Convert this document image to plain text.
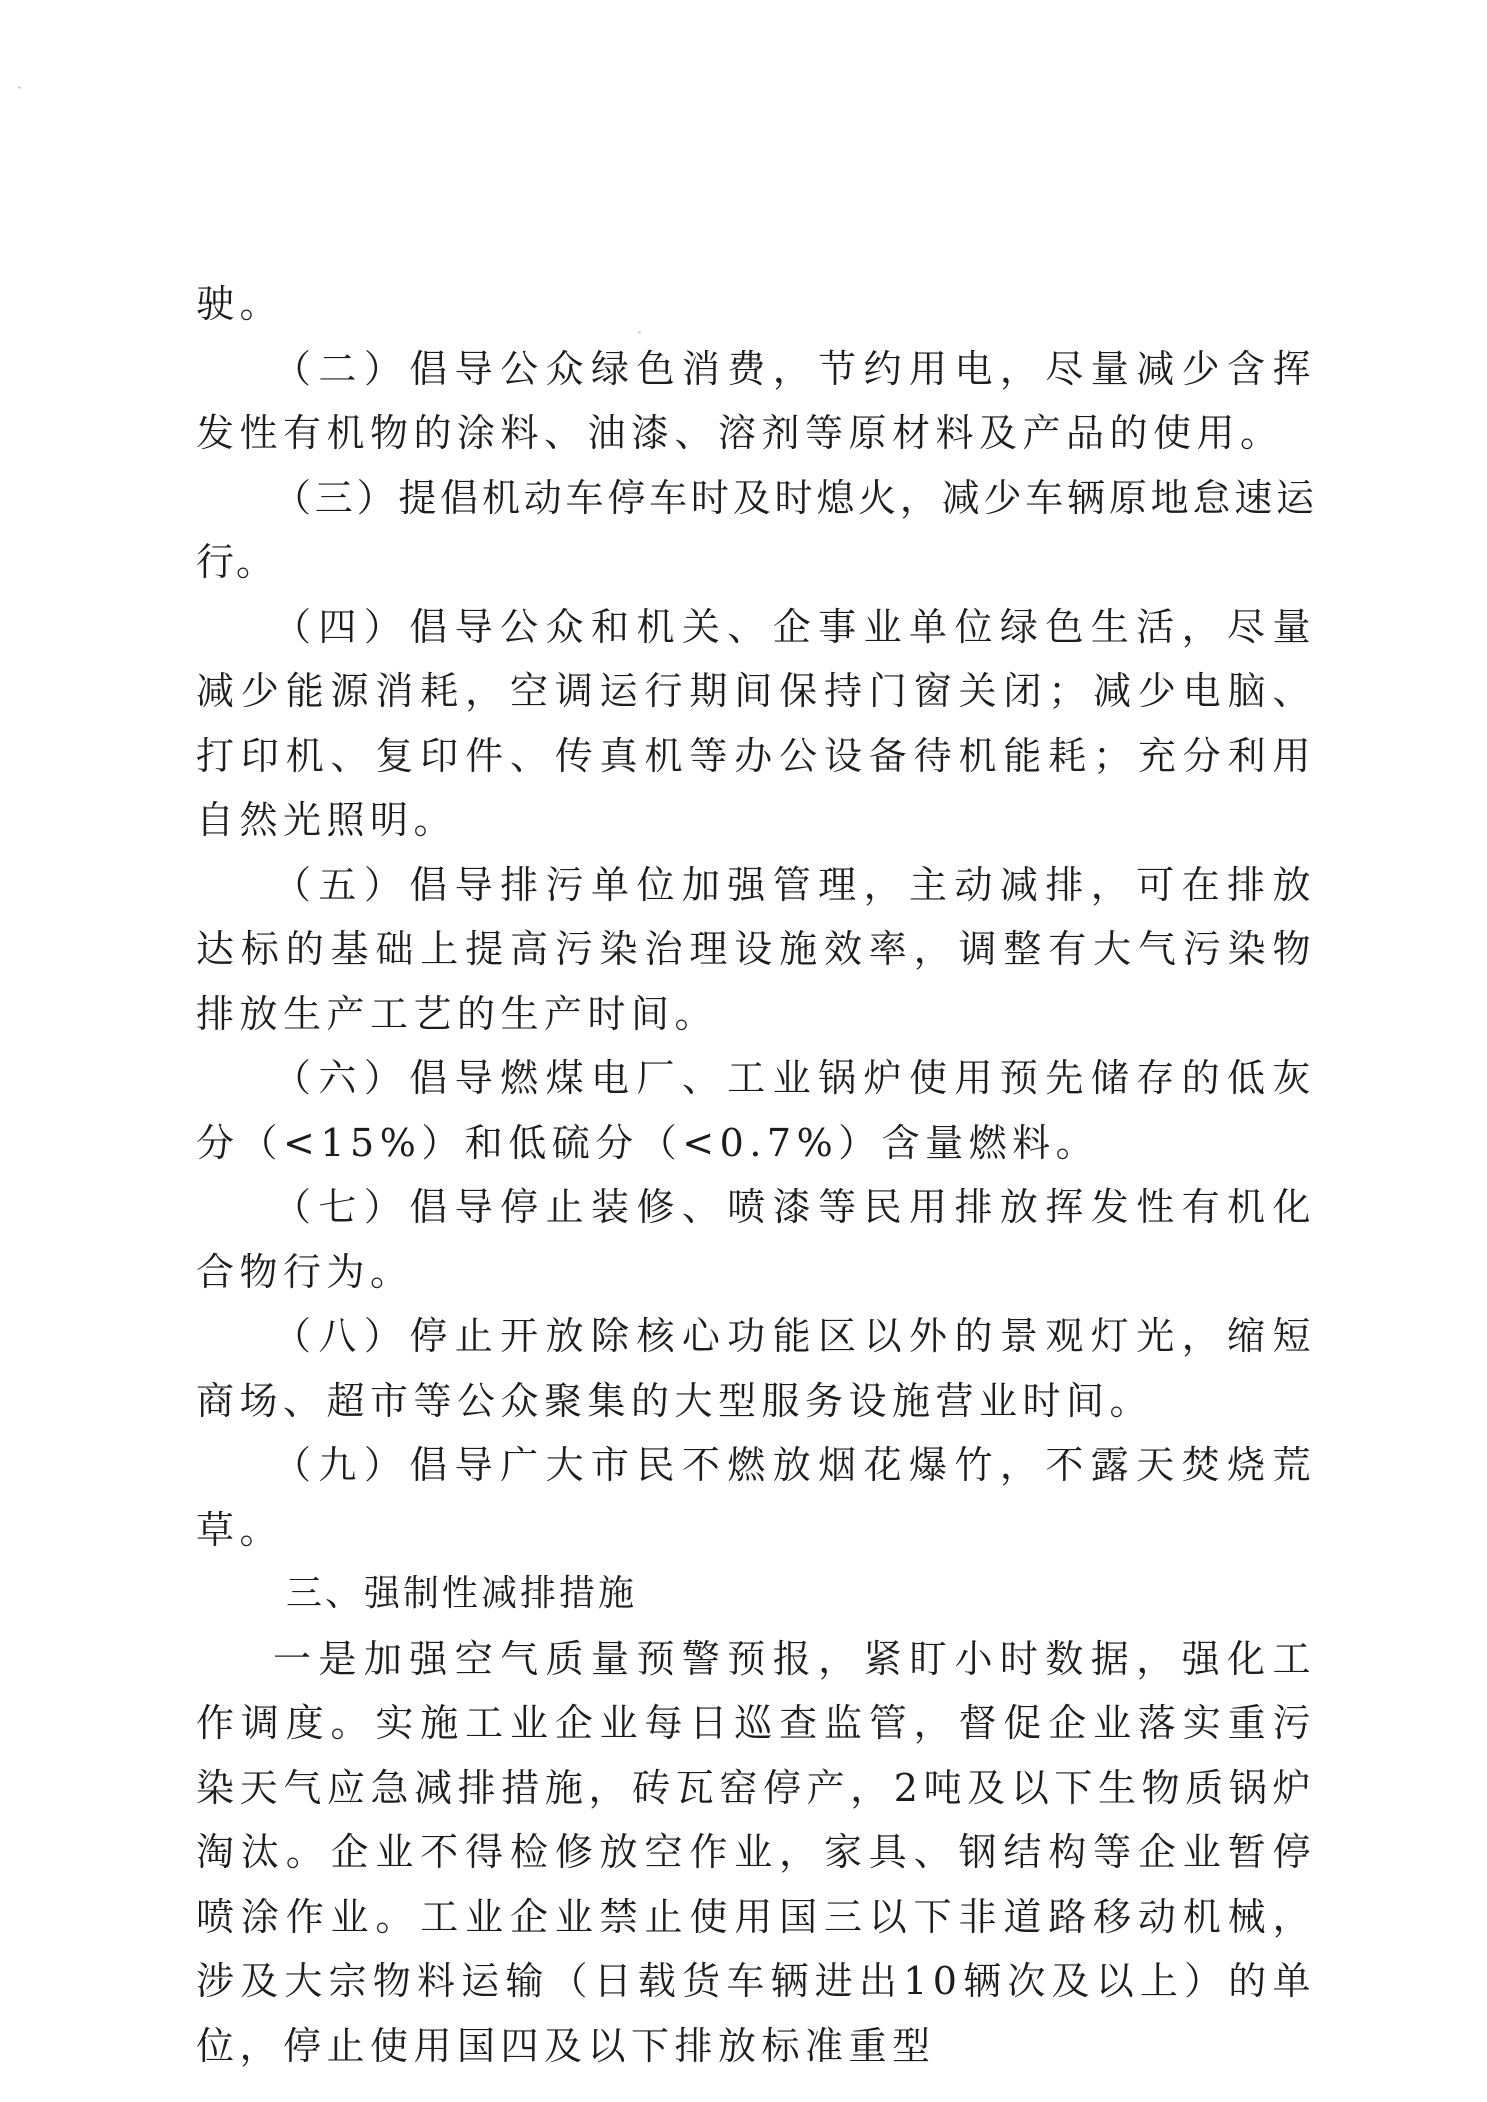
驶。

（二）倡导公众绿色消费，节约用电，尽量减少含挥发性有机物的涂料、油漆、溶剂等原材料及产品的使用。

（三）提倡机动车停车时及时熄火，减少车辆原地怠速运行。

（四）倡导公众和机关、企事业单位绿色生活，尽量减少能源消耗，空调运行期间保持门窗关闭；减少电脑、打印机、复印件、传真机等办公设备待机能耗；充分利用自然光照明。

（五）倡导排污单位加强管理，主动减排，可在排放达标的基础上提高污染治理设施效率，调整有大气污染物排放生产工艺的生产时间。

（六）倡导燃煤电厂、工业锅炉使用预先储存的低灰分（<15%）和低硫分（<0.7%）含量燃料。

（七）倡导停止装修、喷漆等民用排放挥发性有机化合物行为。

（八）停止开放除核心功能区以外的景观灯光，缩短商场、超市等公众聚集的大型服务设施营业时间。

（九）倡导广大市民不燃放烟花爆竹，不露天焚烧荒草。

三、强制性减排措施

一是加强空气质量预警预报，紧盯小时数据，强化工作调度。实施工业企业每日巡查监管，督促企业落实重污染天气应急减排措施，砖瓦窑停产，2吨及以下生物质锅炉淘汰。企业不得检修放空作业，家具、钢结构等企业暂停喷涂作业。工业企业禁止使用国三以下非道路移动机械，涉及大宗物料运输（日载货车辆进出10辆次及以上）的单位，停止使用国四及以下排放标准重型
